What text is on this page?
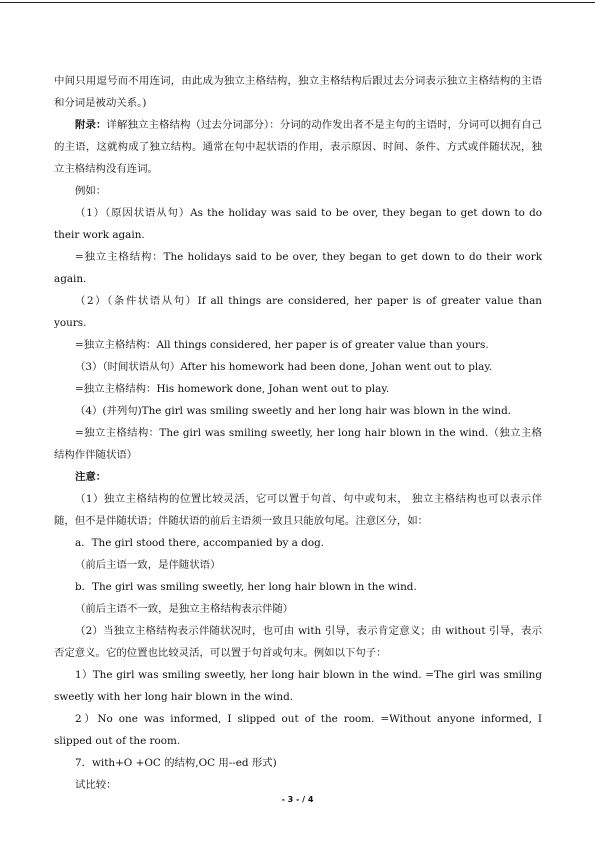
中间只用逗号而不用连词，由此成为独立主格结构，独立主格结构后跟过去分词表示独立主格结构的主语和分词是被动关系。)

附录：详解独立主格结构（过去分词部分）：分词的动作发出者不是主句的主语时，分词可以拥有自己的主语，这就构成了独立结构。通常在句中起状语的作用，表示原因、时间、条件、方式或伴随状况，独立主格结构没有连词。

例如：

（1）（原因状语从句）As the holiday was said to be over, they began to get down to do their work again.

=独立主格结构：The holidays said to be over, they began to get down to do their work again.

（2）（条件状语从句）If all things are considered, her paper is of greater value than yours.

=独立主格结构：All things considered, her paper is of greater value than yours.

（3）（时间状语从句）After his homework had been done, Johan went out to play.

=独立主格结构：His homework done, Johan went out to play.

（4）(并列句)The girl was smiling sweetly and her long hair was blown in the wind.

=独立主格结构：The girl was smiling sweetly, her long hair blown in the wind.（独立主格结构作伴随状语）

注意：

（1）独立主格结构的位置比较灵活，它可以置于句首、句中或句末， 独立主格结构也可以表示伴随，但不是伴随状语；伴随状语的前后主语须一致且只能放句尾。注意区分，如：

a．The girl stood there, accompanied by a dog.

（前后主语一致，是伴随状语）

b．The girl was smiling sweetly, her long hair blown in the wind.

（前后主语不一致，是独立主格结构表示伴随）

（2）当独立主格结构表示伴随状况时，也可由 with 引导，表示肯定意义；由 without 引导，表示否定意义。它的位置也比较灵活，可以置于句首或句末。例如以下句子：

1）The girl was smiling sweetly, her long hair blown in the wind. =The girl was smiling sweetly with her long hair blown in the wind.

2）No one was informed, I slipped out of the room. =Without anyone informed, I slipped out of the room.

7．with+O +OC 的结构,OC 用--ed 形式)

试比较：

- 3 - / 4
